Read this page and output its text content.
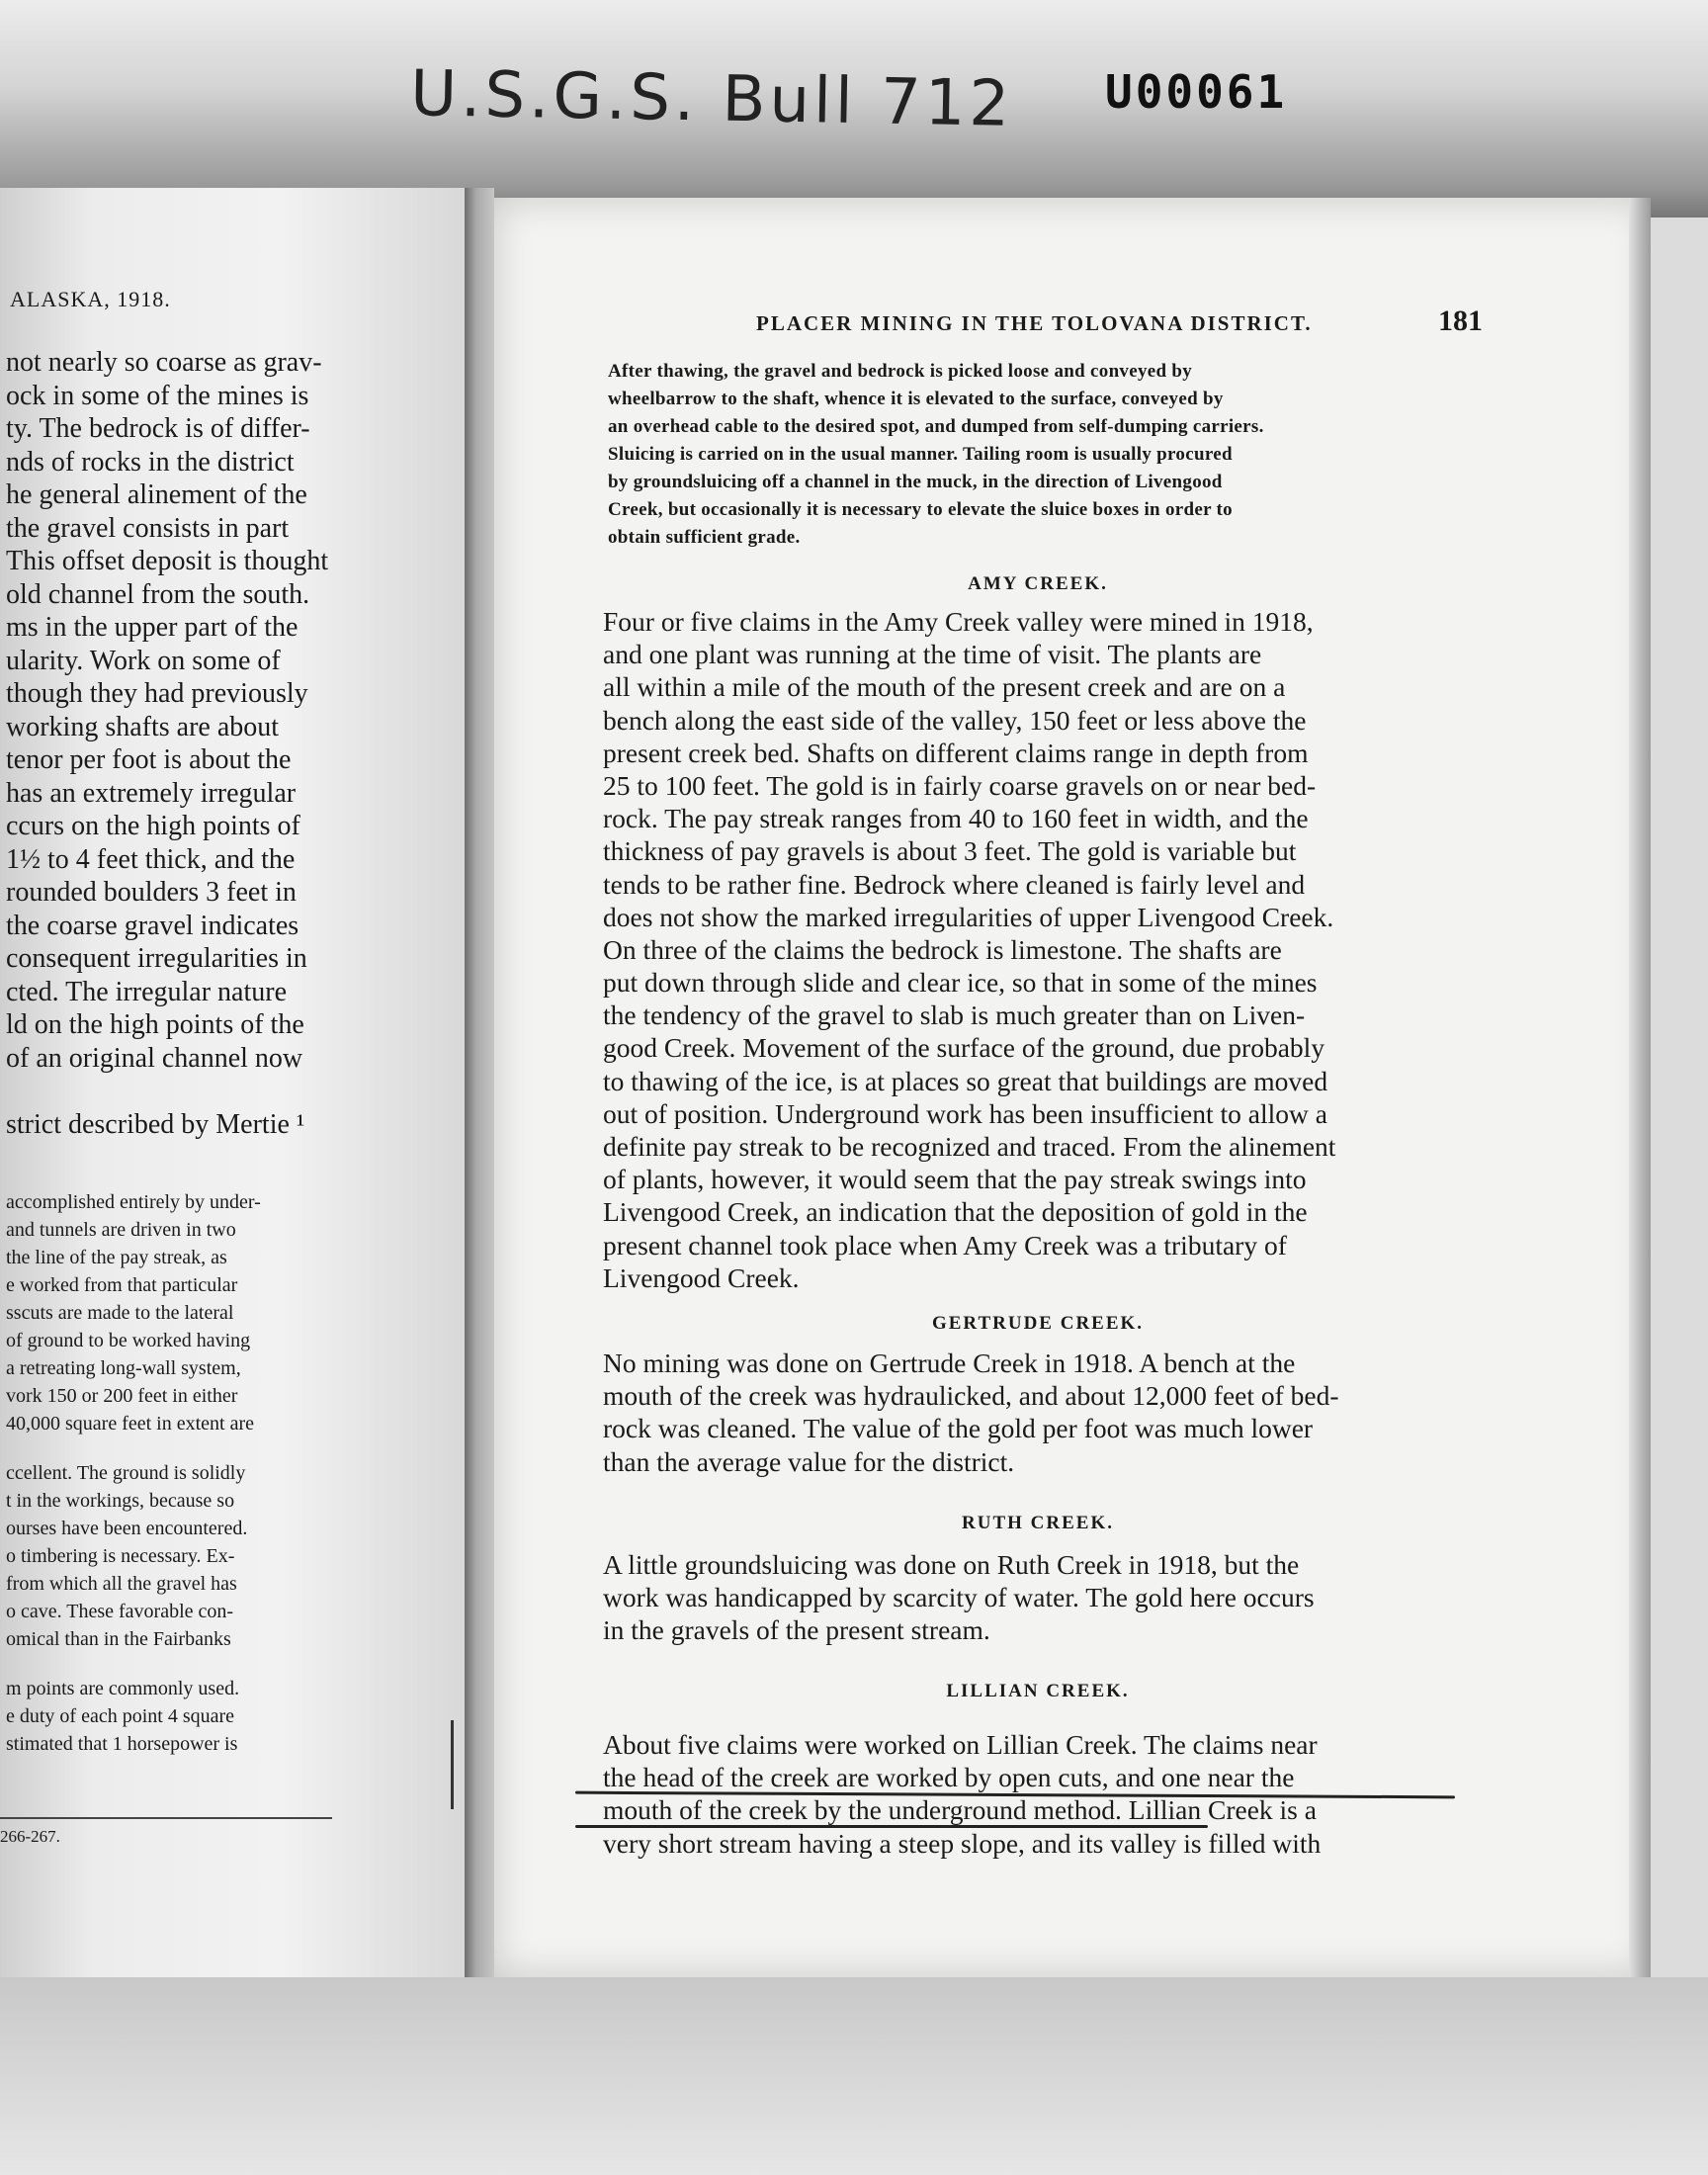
U.S.G.S. Bull 712	U00061
ALASKA, 1918.
not nearly so coarse as grav-
ock in some of the mines is
ty. The bedrock is of differ-
nds of rocks in the district
he general alinement of the
the gravel consists in part
This offset deposit is thought
old channel from the south.
ms in the upper part of the
ularity. Work on some of
though they had previously
working shafts are about
tenor per foot is about the
has an extremely irregular
ccurs on the high points of
1½ to 4 feet thick, and the
rounded boulders 3 feet in
the coarse gravel indicates
consequent irregularities in
cted. The irregular nature
ld on the high points of the
of an original channel now
strict described by Mertie ¹
accomplished entirely by under-
and tunnels are driven in two
the line of the pay streak, as
e worked from that particular
sscuts are made to the lateral
of ground to be worked having
a retreating long-wall system,
vork 150 or 200 feet in either
40,000 square feet in extent are
ccellent. The ground is solidly
t in the workings, because so
ourses have been encountered.
o timbering is necessary. Ex-
from which all the gravel has
o cave. These favorable con-
omical than in the Fairbanks
m points are commonly used.
e duty of each point 4 square
stimated that 1 horsepower is
266-267.
PLACER MINING IN THE TOLOVANA DISTRICT.	181
After thawing, the gravel and bedrock is picked loose and conveyed by
wheelbarrow to the shaft, whence it is elevated to the surface, conveyed by
an overhead cable to the desired spot, and dumped from self-dumping carriers.
Sluicing is carried on in the usual manner. Tailing room is usually procured
by groundsluicing off a channel in the muck, in the direction of Livengood
Creek, but occasionally it is necessary to elevate the sluice boxes in order to
obtain sufficient grade.
AMY CREEK.
Four or five claims in the Amy Creek valley were mined in 1918,
and one plant was running at the time of visit. The plants are
all within a mile of the mouth of the present creek and are on a
bench along the east side of the valley, 150 feet or less above the
present creek bed. Shafts on different claims range in depth from
25 to 100 feet. The gold is in fairly coarse gravels on or near bed-
rock. The pay streak ranges from 40 to 160 feet in width, and the
thickness of pay gravels is about 3 feet. The gold is variable but
tends to be rather fine. Bedrock where cleaned is fairly level and
does not show the marked irregularities of upper Livengood Creek.
On three of the claims the bedrock is limestone. The shafts are
put down through slide and clear ice, so that in some of the mines
the tendency of the gravel to slab is much greater than on Liven-
good Creek. Movement of the surface of the ground, due probably
to thawing of the ice, is at places so great that buildings are moved
out of position. Underground work has been insufficient to allow a
definite pay streak to be recognized and traced. From the alinement
of plants, however, it would seem that the pay streak swings into
Livengood Creek, an indication that the deposition of gold in the
present channel took place when Amy Creek was a tributary of
Livengood Creek.
GERTRUDE CREEK.
No mining was done on Gertrude Creek in 1918. A bench at the
mouth of the creek was hydraulicked, and about 12,000 feet of bed-
rock was cleaned. The value of the gold per foot was much lower
than the average value for the district.
RUTH CREEK.
A little groundsluicing was done on Ruth Creek in 1918, but the
work was handicapped by scarcity of water. The gold here occurs
in the gravels of the present stream.
LILLIAN CREEK.
About five claims were worked on Lillian Creek. The claims near
the head of the creek are worked by open cuts, and one near the
mouth of the creek by the underground method. Lillian Creek is a
very short stream having a steep slope, and its valley is filled with
